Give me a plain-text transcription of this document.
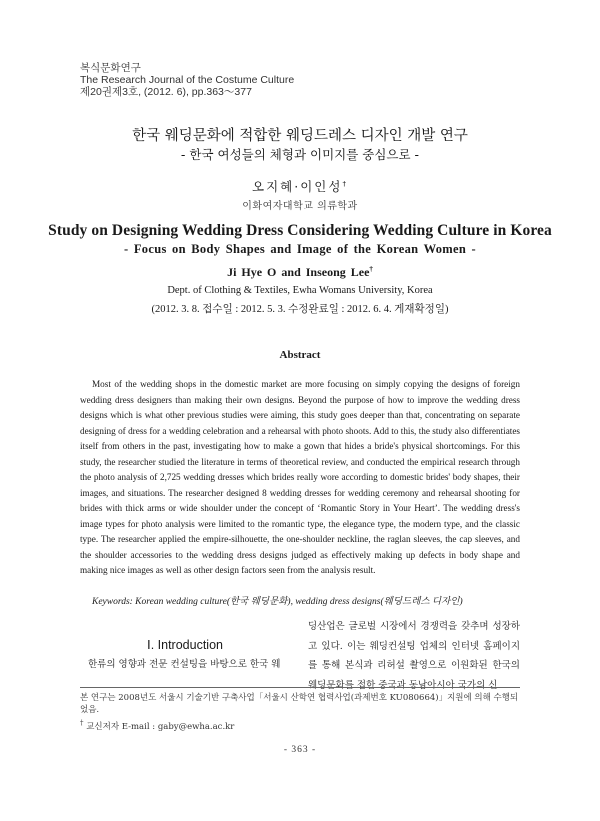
복식문화연구
The Research Journal of the Costume Culture
제20권제3호, (2012. 6), pp.363～377
한국 웨딩문화에 적합한 웨딩드레스 디자인 개발 연구
- 한국 여성들의 체형과 이미지를 중심으로 -
오지혜·이인성†
이화여자대학교 의류학과
Study on Designing Wedding Dress Considering Wedding Culture in Korea
- Focus on Body Shapes and Image of the Korean Women -
Ji Hye O and Inseong Lee†
Dept. of Clothing & Textiles, Ewha Womans University, Korea
(2012. 3. 8. 접수일 : 2012. 5. 3. 수정완료일 : 2012. 6. 4. 게재확정일)
Abstract

Most of the wedding shops in the domestic market are more focusing on simply copying the designs of foreign wedding dress designers than making their own designs. Beyond the purpose of how to improve the wedding dress designs which is what other previous studies were aiming, this study goes deeper than that, concentrating on separate designing of dress for a wedding celebration and a rehearsal with photo shoots. Add to this, the study also differentiates itself from others in the past, investigating how to make a gown that hides a bride's physical shortcomings. For this study, the researcher studied the literature in terms of theoretical review, and conducted the empirical research through the photo analysis of 2,725 wedding dresses which brides really wore according to domestic brides' body shapes, their images, and situations. The researcher designed 8 wedding dresses for wedding ceremony and rehearsal shooting for brides with thick arms or wide shoulder under the concept of ‘Romantic Story in Your Heart’. The wedding dress's image types for photo analysis were limited to the romantic type, the elegance type, the modern type, and the classic type. The researcher applied the empire-silhouette, the one-shoulder neckline, the raglan sleeves, the cap sleeves, and the shoulder accessories to the wedding dress designs judged as effectively making up defects in body shape and making nice images as well as other design factors seen from the analysis result.

Keywords: Korean wedding culture(한국 웨딩문화), wedding dress designs(웨딩드레스 디자인)
Ⅰ. Introduction

한류의 영향과 전문 컨설팅을 바탕으로 한국 웨

딩산업은 글로벌 시장에서 경쟁력을 갖추며 성장하고 있다. 이는 웨딩컨설팅 업체의 인터넷 홈페이지를 통해 본식과 리허설 촬영으로 이원화된 한국의 웨딩문화를 접한 중국과 동남아시아 국가의 신

본 연구는 2008년도 서울시 기술기반 구축사업「서울시 산학연 협력사업(과제번호 KU080664)」지원에 의해 수행되었음.

† 교신저자 E-mail : gaby@ewha.ac.kr
- 363 -
